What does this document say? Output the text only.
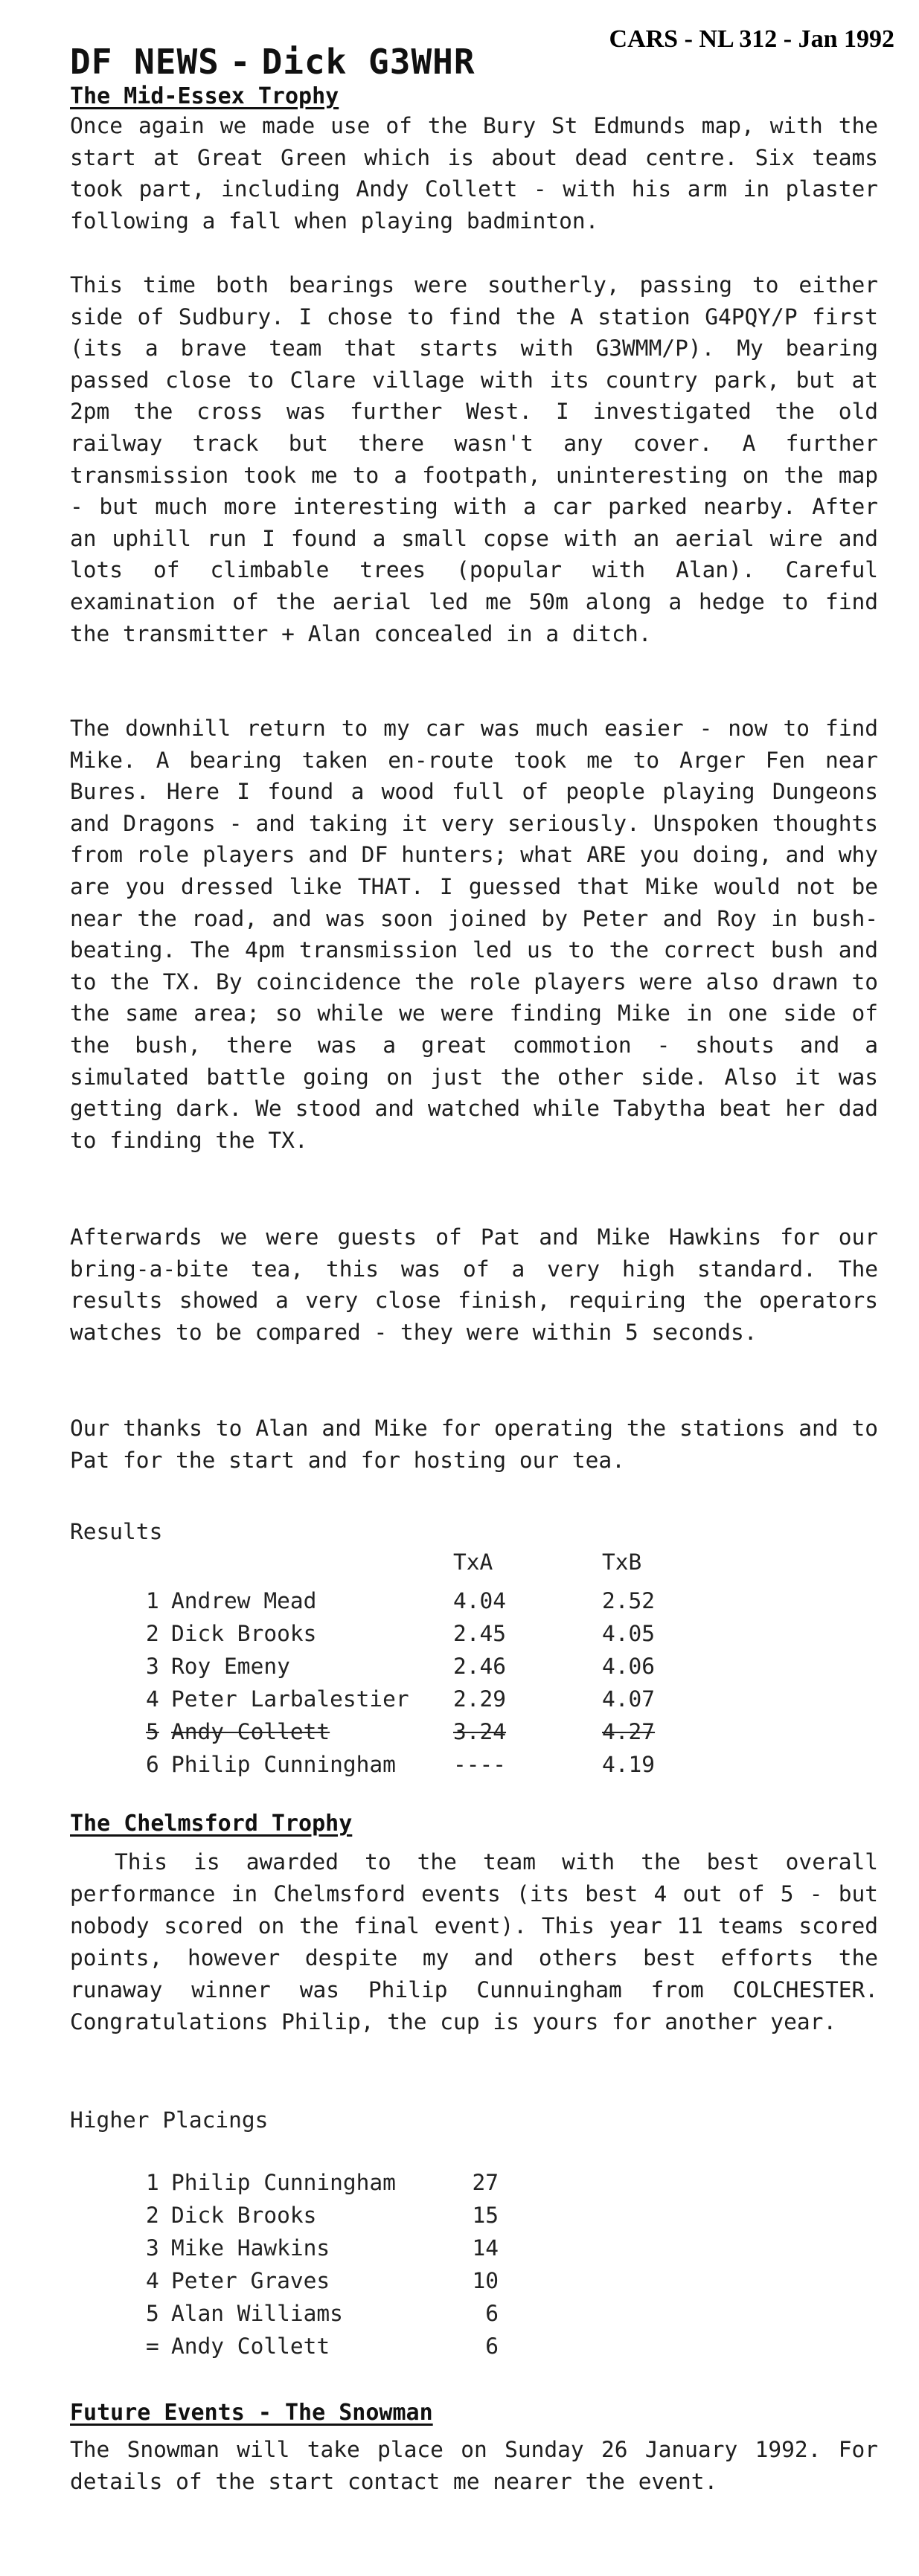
CARS - NL 312 - Jan 1992
DF NEWS - Dick G3WHR
The Mid-Essex Trophy
Once again we made use of the Bury St Edmunds map, with the start at Great Green which is about dead centre. Six teams took part, including Andy Collett - with his arm in plaster following a fall when playing badminton.
This time both bearings were southerly, passing to either side of Sudbury. I chose to find the A station G4PQY/P first (its a brave team that starts with G3WMM/P). My bearing passed close to Clare village with its country park, but at 2pm the cross was further West. I investigated the old railway track but there wasn't any cover. A further transmission took me to a footpath, uninteresting on the map - but much more interesting with a car parked nearby. After an uphill run I found a small copse with an aerial wire and lots of climbable trees (popular with Alan). Careful examination of the aerial led me 50m along a hedge to find the transmitter + Alan concealed in a ditch.
The downhill return to my car was much easier - now to find Mike. A bearing taken en-route took me to Arger Fen near Bures. Here I found a wood full of people playing Dungeons and Dragons - and taking it very seriously. Unspoken thoughts from role players and DF hunters; what ARE you doing, and why are you dressed like THAT. I guessed that Mike would not be near the road, and was soon joined by Peter and Roy in bush-beating. The 4pm transmission led us to the correct bush and to the TX. By coincidence the role players were also drawn to the same area; so while we were finding Mike in one side of the bush, there was a great commotion - shouts and a simulated battle going on just the other side. Also it was getting dark. We stood and watched while Tabytha beat her dad to finding the TX.
Afterwards we were guests of Pat and Mike Hawkins for our bring-a-bite tea, this was of a very high standard. The results showed a very close finish, requiring the operators watches to be compared - they were within 5 seconds.
Our thanks to Alan and Mike for operating the stations and to Pat for the start and for hosting our tea.
Results
TxA	TxB
1 Andrew Mead	4.04	2.52
2 Dick Brooks	2.45	4.05
3 Roy Emeny	2.46	4.06
4 Peter Larbalestier 2.29	4.07
5 Andy Collett	3.24	4.27
6 Philip Cunningham	----	4.19
The Chelmsford Trophy
This is awarded to the team with the best overall performance in Chelmsford events (its best 4 out of 5 - but nobody scored on the final event). This year 11 teams scored points, however despite my and others best efforts the runaway winner was Philip Cunnuingham from COLCHESTER. Congratulations Philip, the cup is yours for another year.
Higher Placings
1 Philip Cunningham	27
2 Dick Brooks	15
3 Mike Hawkins	14
4 Peter Graves	10
5 Alan Williams	6
= Andy Collett	6
Future Events - The Snowman
The Snowman will take place on Sunday 26 January 1992. For details of the start contact me nearer the event.
